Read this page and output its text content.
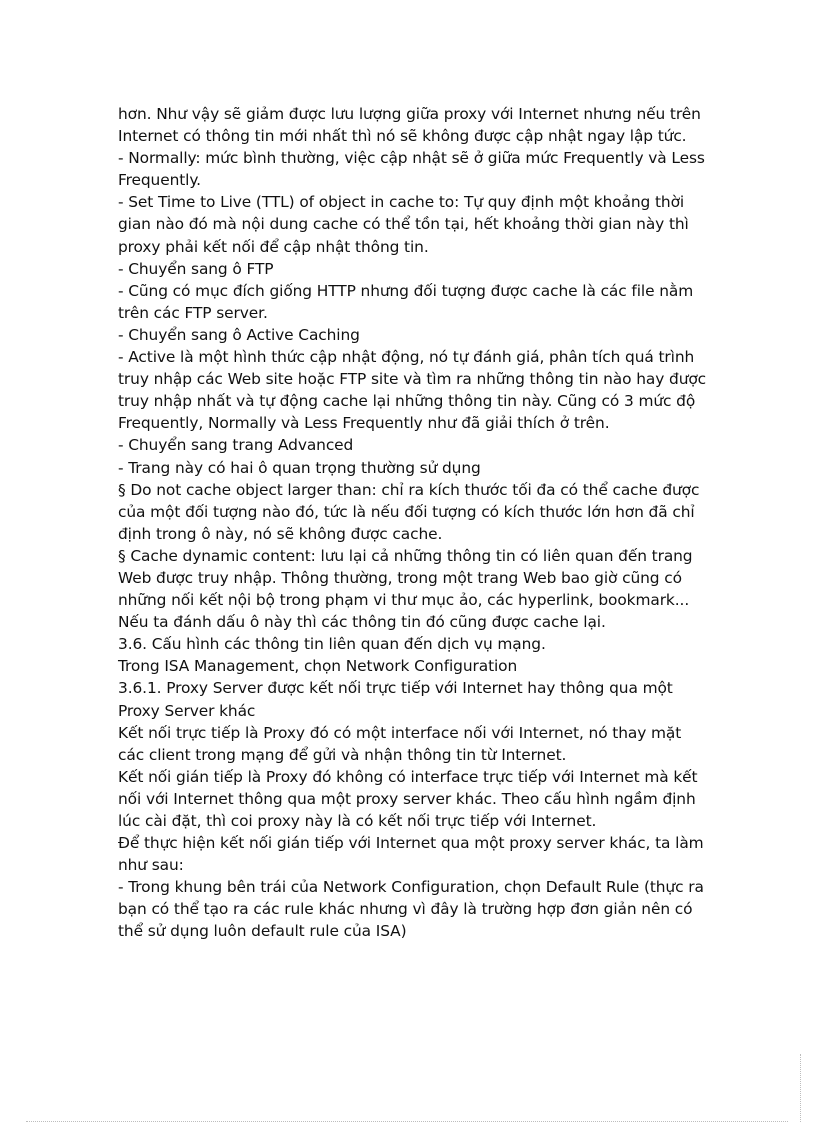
hơn. Như vậy sẽ giảm được lưu lượng giữa proxy với Internet nhưng nếu trên Internet có thông tin mới nhất thì nó sẽ không được cập nhật ngay lập tức.

- Normally: mức bình thường, việc cập nhật sẽ ở giữa mức Frequently và Less Frequently.

- Set Time to Live (TTL) of object in cache to: Tự quy định một khoảng thời gian nào đó mà nội dung cache có thể tồn tại, hết khoảng thời gian này thì proxy phải kết nối để cập nhật thông tin.

- Chuyển sang ô FTP

- Cũng có mục đích giống HTTP nhưng đối tượng được cache là các file nằm trên các FTP server.

- Chuyển sang ô Active Caching

- Active là một hình thức cập nhật động, nó tự đánh giá, phân tích quá trình truy nhập các Web site hoặc FTP site và tìm ra những thông tin nào hay được truy nhập nhất và tự động cache lại những thông tin này. Cũng có 3 mức độ Frequently, Normally và Less Frequently như đã giải thích ở trên.

- Chuyển sang trang Advanced

- Trang này có hai ô quan trọng thường sử dụng

§ Do not cache object larger than: chỉ ra kích thước tối đa có thể cache được của một đối tượng nào đó, tức là nếu đối tượng có kích thước lớn hơn đã chỉ định trong ô này, nó sẽ không được cache.

§ Cache dynamic content: lưu lại cả những thông tin có liên quan đến trang Web được truy nhập. Thông thường, trong một trang Web bao giờ cũng có những nối kết nội bộ trong phạm vi thư mục ảo, các hyperlink, bookmark... Nếu ta đánh dấu ô này thì các thông tin đó cũng được cache lại.

3.6. Cấu hình các thông tin liên quan đến dịch vụ mạng.

Trong ISA Management, chọn Network Configuration

3.6.1. Proxy Server được kết nối trực tiếp với Internet hay thông qua một Proxy Server khác

Kết nối trực tiếp là Proxy đó có một interface nối với Internet, nó thay mặt các client trong mạng để gửi và nhận thông tin từ Internet.

Kết nối gián tiếp là Proxy đó không có interface trực tiếp với Internet mà kết nối với Internet thông qua một proxy server khác. Theo cấu hình ngầm định lúc cài đặt, thì coi proxy này là có kết nối trực tiếp với Internet.

Để thực hiện kết nối gián tiếp với Internet qua một proxy server khác, ta làm như sau:

- Trong khung bên trái của Network Configuration, chọn Default Rule (thực ra bạn có thể tạo ra các rule khác nhưng vì đây là trường hợp đơn giản nên có thể sử dụng luôn default rule của ISA)
